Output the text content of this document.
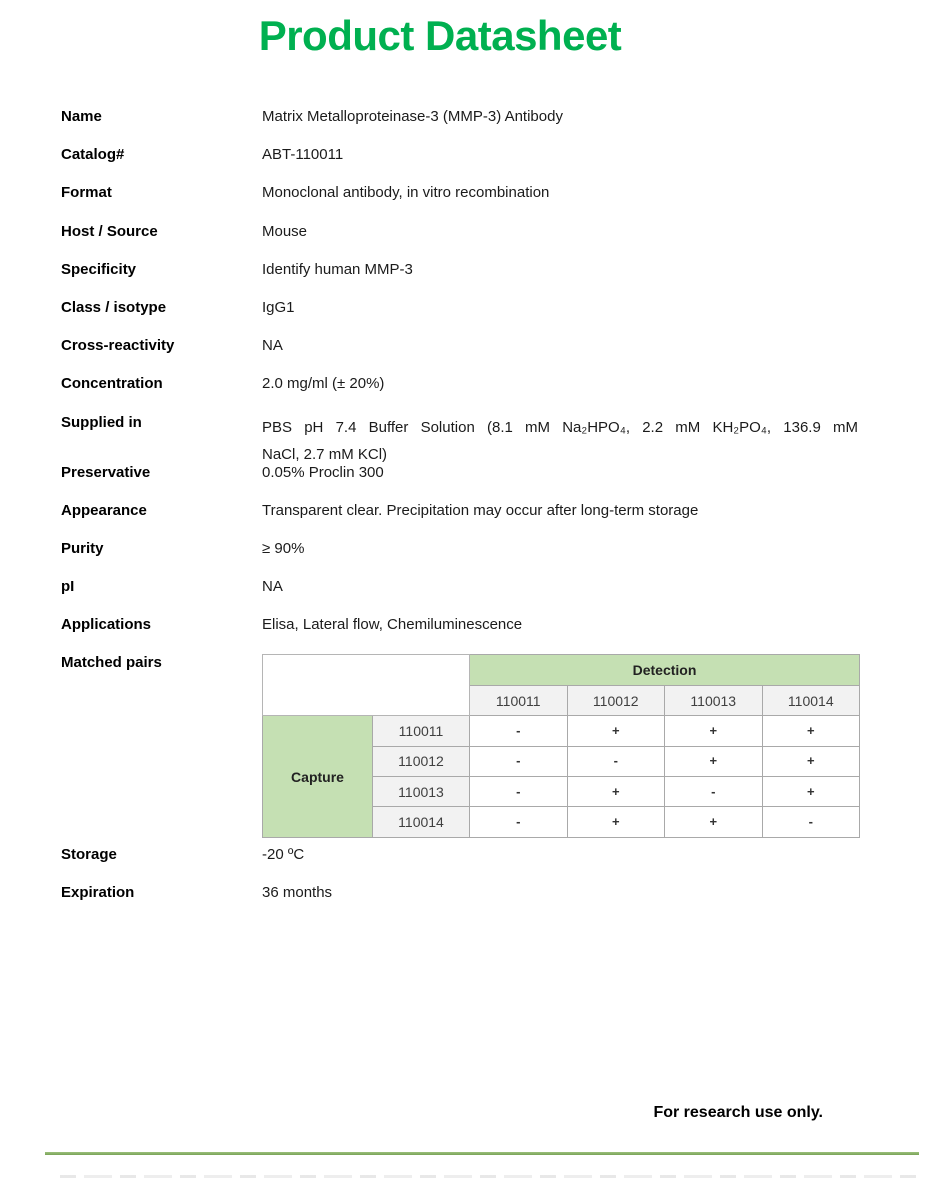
Product Datasheet
Name	Matrix Metalloproteinase-3 (MMP-3) Antibody
Catalog#	ABT-110011
Format	Monoclonal antibody, in vitro recombination
Host / Source	Mouse
Specificity	Identify human MMP-3
Class / isotype	IgG1
Cross-reactivity	NA
Concentration	2.0 mg/ml (± 20%)
Supplied in	PBS pH 7.4 Buffer Solution (8.1 mM Na₂HPO₄, 2.2 mM KH₂PO₄, 136.9 mM
NaCl, 2.7 mM KCl)
Preservative	0.05% Proclin 300
Appearance	Transparent clear. Precipitation may occur after long-term storage
Purity	≥ 90%
pI	NA
Applications	Elisa, Lateral flow, Chemiluminescence
Matched pairs
		Detection			
		110011	110012	110013	110014
Capture	110011	-	+	+	+
	110012	-	-	+	+
	110013	-	+	-	+
	110014	-	+	+	-
Storage	-20 ºC
Expiration	36 months
For research use only.
